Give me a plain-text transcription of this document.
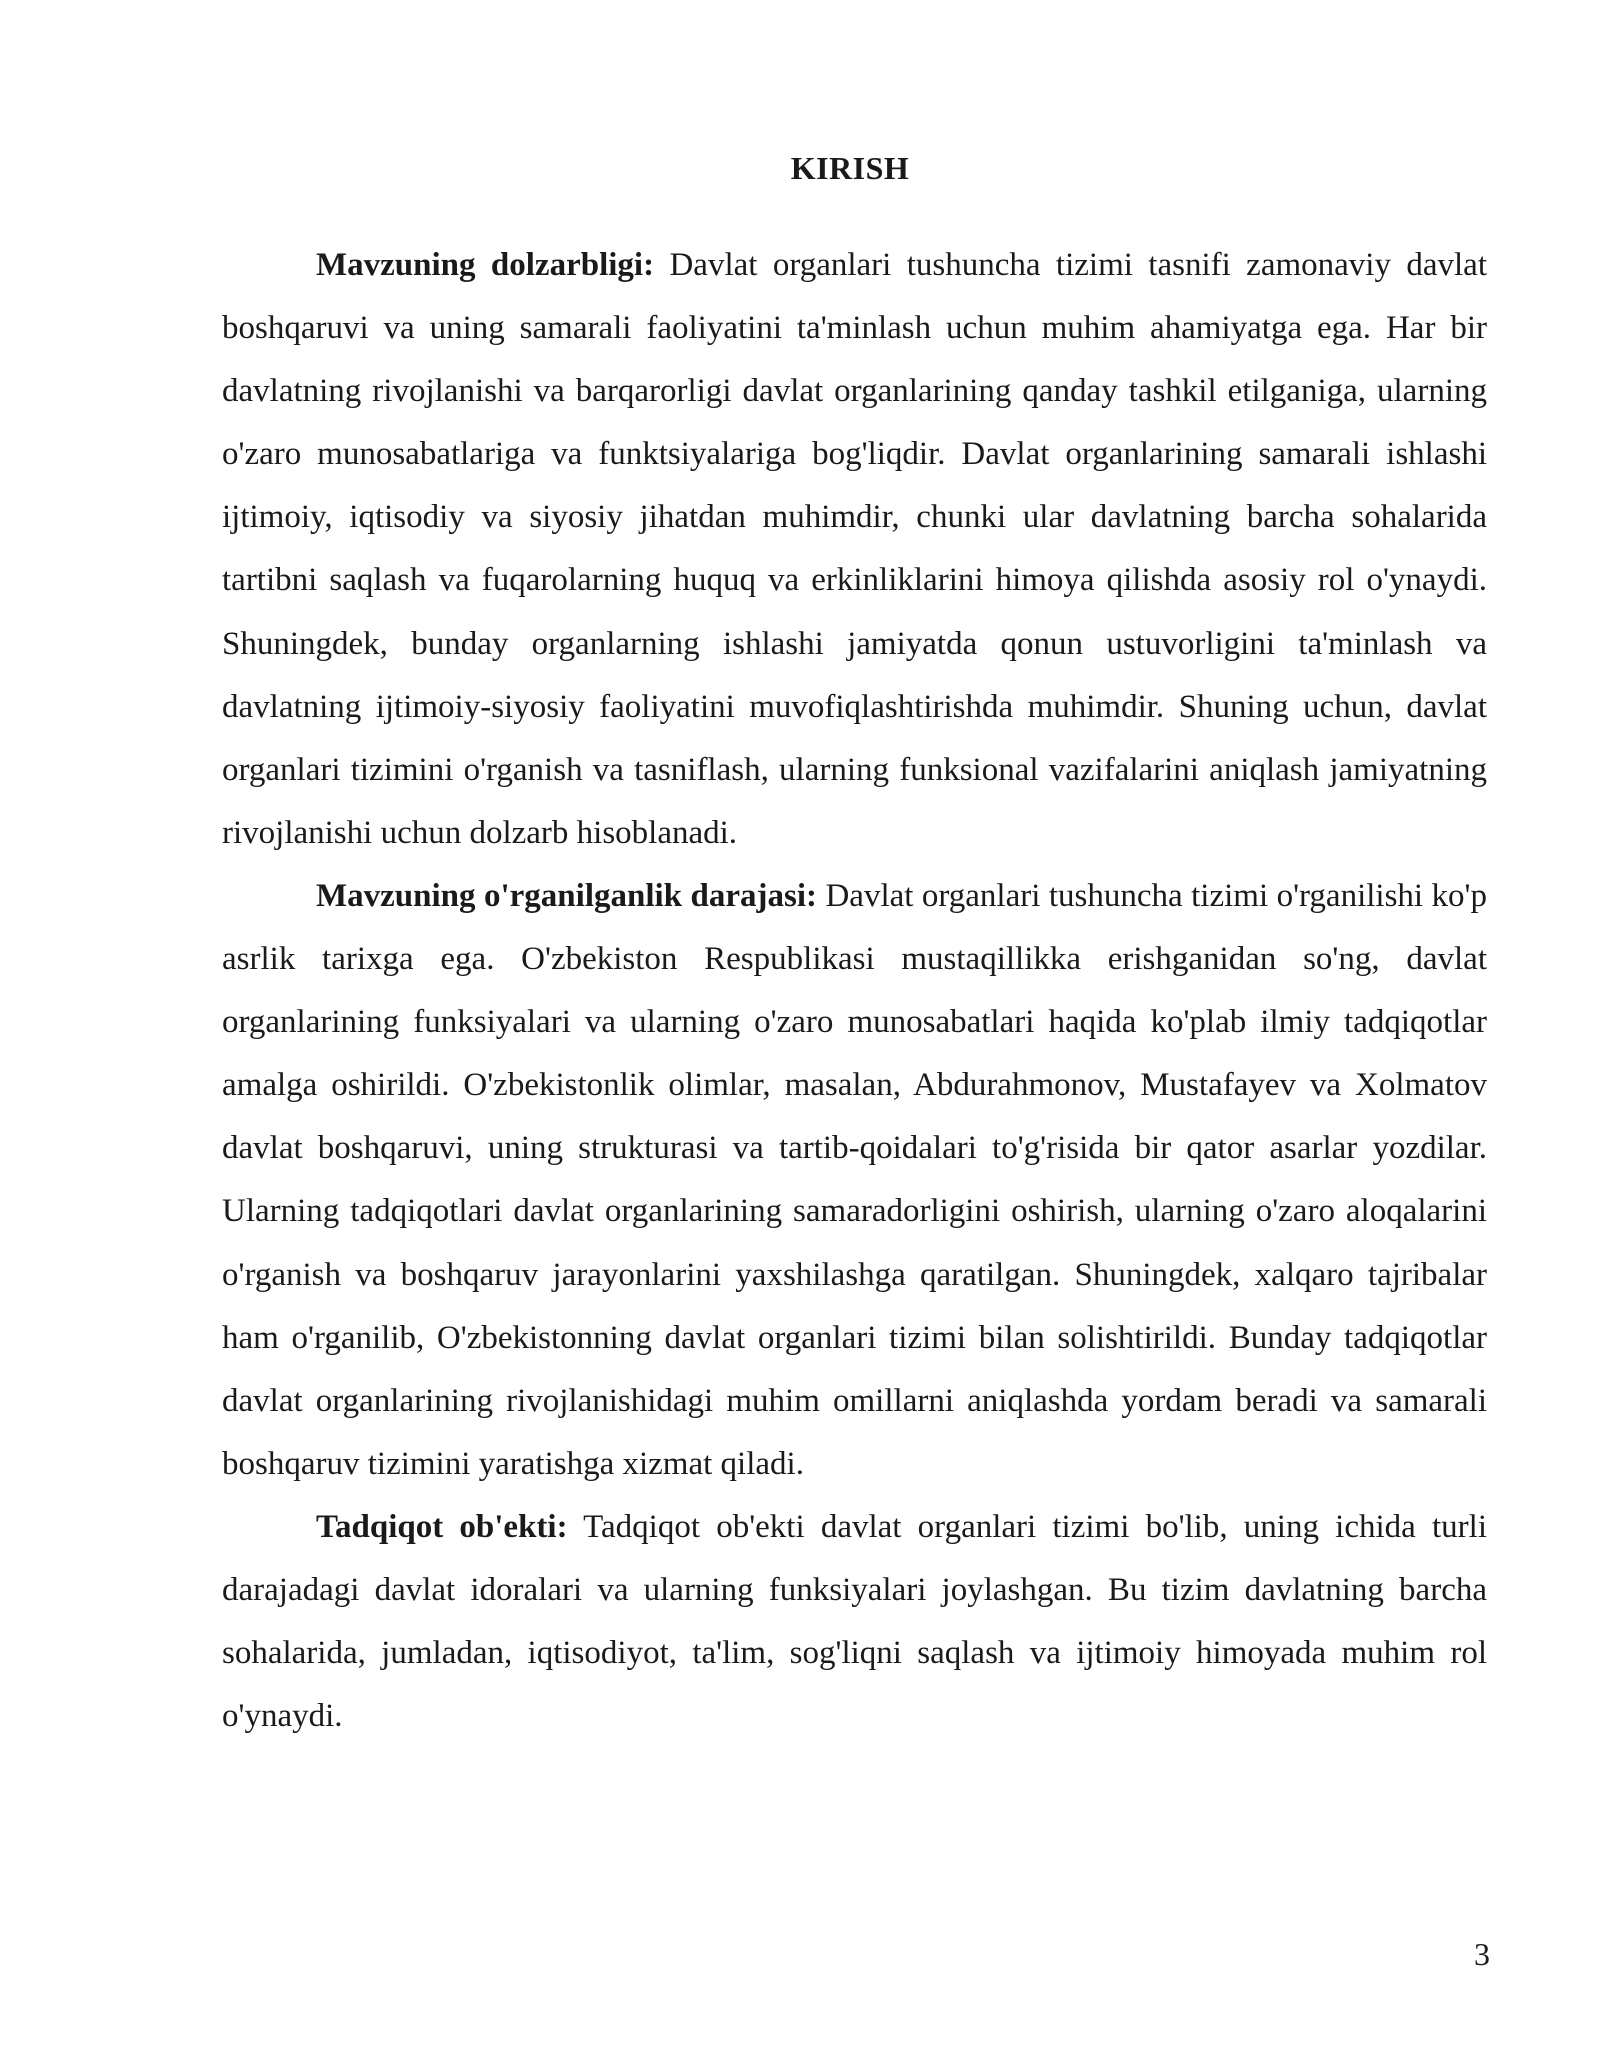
KIRISH

Mavzuning dolzarbligi: Davlat organlari tushuncha tizimi tasnifi zamonaviy davlat boshqaruvi va uning samarali faoliyatini ta'minlash uchun muhim ahamiyatga ega. Har bir davlatning rivojlanishi va barqarorligi davlat organlarining qanday tashkil etilganiga, ularning o'zaro munosabatlariga va funktsiyalariga bog'liqdir. Davlat organlarining samarali ishlashi ijtimoiy, iqtisodiy va siyosiy jihatdan muhimdir, chunki ular davlatning barcha sohalarida tartibni saqlash va fuqarolarning huquq va erkinliklarini himoya qilishda asosiy rol o'ynaydi. Shuningdek, bunday organlarning ishlashi jamiyatda qonun ustuvorligini ta'minlash va davlatning ijtimoiy-siyosiy faoliyatini muvofiqlashtirishda muhimdir. Shuning uchun, davlat organlari tizimini o'rganish va tasniflash, ularning funksional vazifalarini aniqlash jamiyatning rivojlanishi uchun dolzarb hisoblanadi.

Mavzuning o'rganilganlik darajasi: Davlat organlari tushuncha tizimi o'rganilishi ko'p asrlik tarixga ega. O'zbekiston Respublikasi mustaqillikka erishganidan so'ng, davlat organlarining funksiyalari va ularning o'zaro munosabatlari haqida ko'plab ilmiy tadqiqotlar amalga oshirildi. O'zbekistonlik olimlar, masalan, Abdurahmonov, Mustafayev va Xolmatov davlat boshqaruvi, uning strukturasi va tartib-qoidalari to'g'risida bir qator asarlar yozdilar. Ularning tadqiqotlari davlat organlarining samaradorligini oshirish, ularning o'zaro aloqalarini o'rganish va boshqaruv jarayonlarini yaxshilashga qaratilgan. Shuningdek, xalqaro tajribalar ham o'rganilib, O'zbekistonning davlat organlari tizimi bilan solishtirildi. Bunday tadqiqotlar davlat organlarining rivojlanishidagi muhim omillarni aniqlashda yordam beradi va samarali boshqaruv tizimini yaratishga xizmat qiladi.

Tadqiqot ob'ekti: Tadqiqot ob'ekti davlat organlari tizimi bo'lib, uning ichida turli darajadagi davlat idoralari va ularning funksiyalari joylashgan. Bu tizim davlatning barcha sohalarida, jumladan, iqtisodiyot, ta'lim, sog'liqni saqlash va ijtimoiy himoyada muhim rol o'ynaydi.

3
